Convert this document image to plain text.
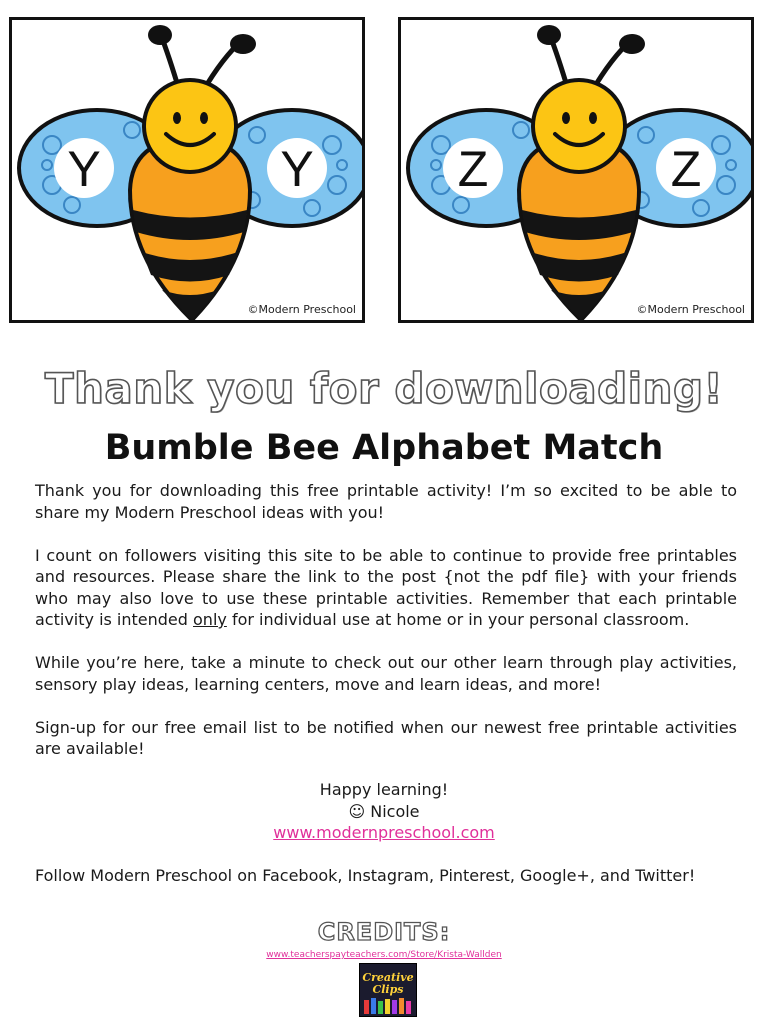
Y	Y
©Modern Preschool
Z	Z
©Modern Preschool
Thank you for downloading!
Bumble Bee Alphabet Match

Thank you for downloading this free printable activity! I’m so excited to be able to share my Modern Preschool ideas with you!

I count on followers visiting this site to be able to continue to provide free printables and resources. Please share the link to the post {not the pdf file} with your friends who may also love to use these printable activities. Remember that each printable activity is intended only for individual use at home or in your personal classroom.

While you’re here, take a minute to check out our other learn through play activities, sensory play ideas, learning centers, move and learn ideas, and more!

Sign-up for our free email list to be notified when our newest free printable activities are available!

Happy learning!
☺ Nicole
www.modernpreschool.com
Follow Modern Preschool on Facebook, Instagram, Pinterest, Google+, and Twitter!
CREDITS:
www.teacherspayteachers.com/Store/Krista-Wallden
Creative
Clips
